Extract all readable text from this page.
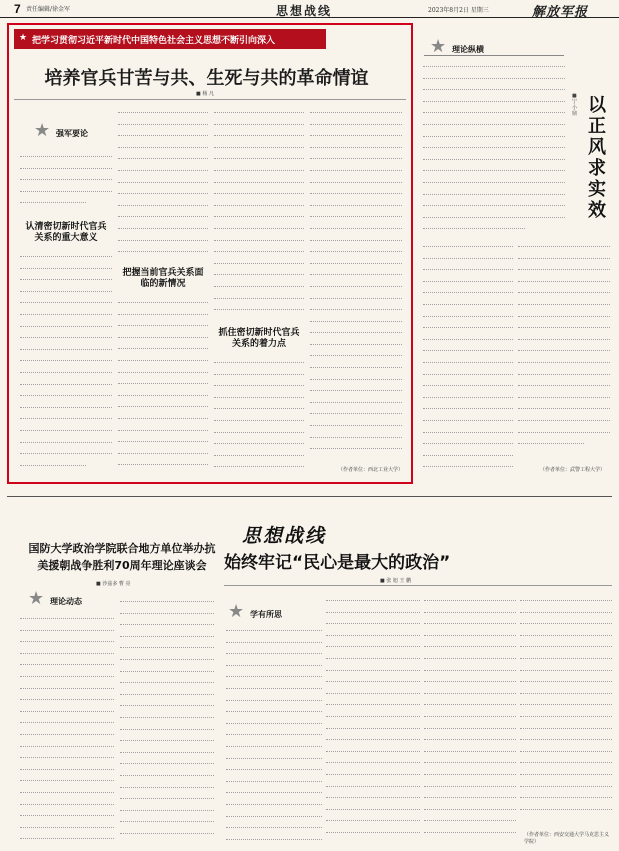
7 责任编辑/徐金军	思想战线	2023年8月2日 星期三	解放军报
★ 把学习贯彻习近平新时代中国特色社会主义思想不断引向深入
培养官兵甘苦与共、生死与共的革命情谊
■ 杨 凡
★ 强军要论
认清密切新时代官兵关系的重大意义
把握当前官兵关系面临的新情况
抓住密切新时代官兵关系的着力点
（作者单位：西北工业大学）
★ 理论纵横
以正风求实效
■ 宁小鼎
（作者单位：武警工程大学）
思想战线
国防大学政治学院联合地方单位举办抗美援朝战争胜利70周年理论座谈会
■ 沙兹多 曹 亮
★ 理论动态
始终牢记“民心是最大的政治”
■ 张 旭 王 鹏
★ 学有所思
（作者单位：西安交通大学马克思主义学院）
